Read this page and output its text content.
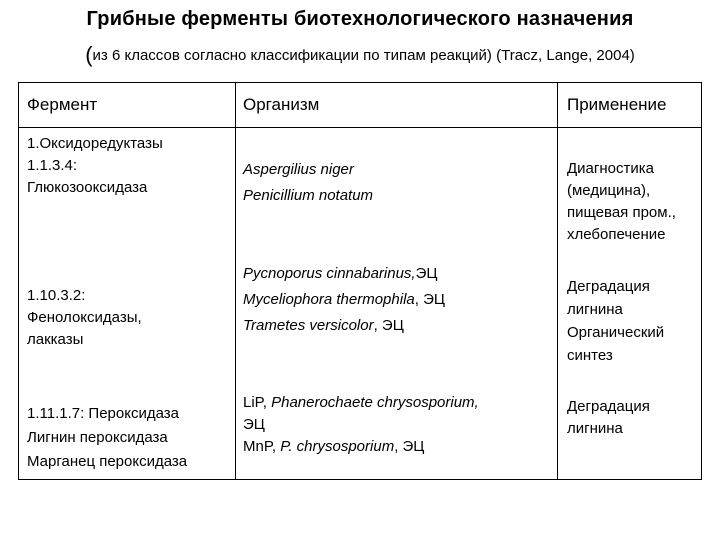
Грибные ферменты биотехнологического назначения
(из 6 классов согласно классификации по типам реакций) (Tracz, Lange, 2004)
Фермент	Организм	Применение
1.Оксидоредуктазы
1.1.3.4:
Глюкозооксидаза
Aspergilius niger
Penicillium notatum
Диагностика
(медицина),
пищевая пром.,
хлебопечение
1.10.3.2:
Фенолоксидазы,
лакказы
Pycnoporus cinnabarinus,ЭЦ
Myceliophora thermophila, ЭЦ
Trametes versicolor, ЭЦ
Деградация
лигнина
Органический
синтез
1.11.1.7: Пероксидаза
Лигнин пероксидаза
Марганец пероксидаза
LiP, Phanerochaete chrysosporium,
ЭЦ
MnP, P. chrysosporium, ЭЦ
Деградация
лигнина
